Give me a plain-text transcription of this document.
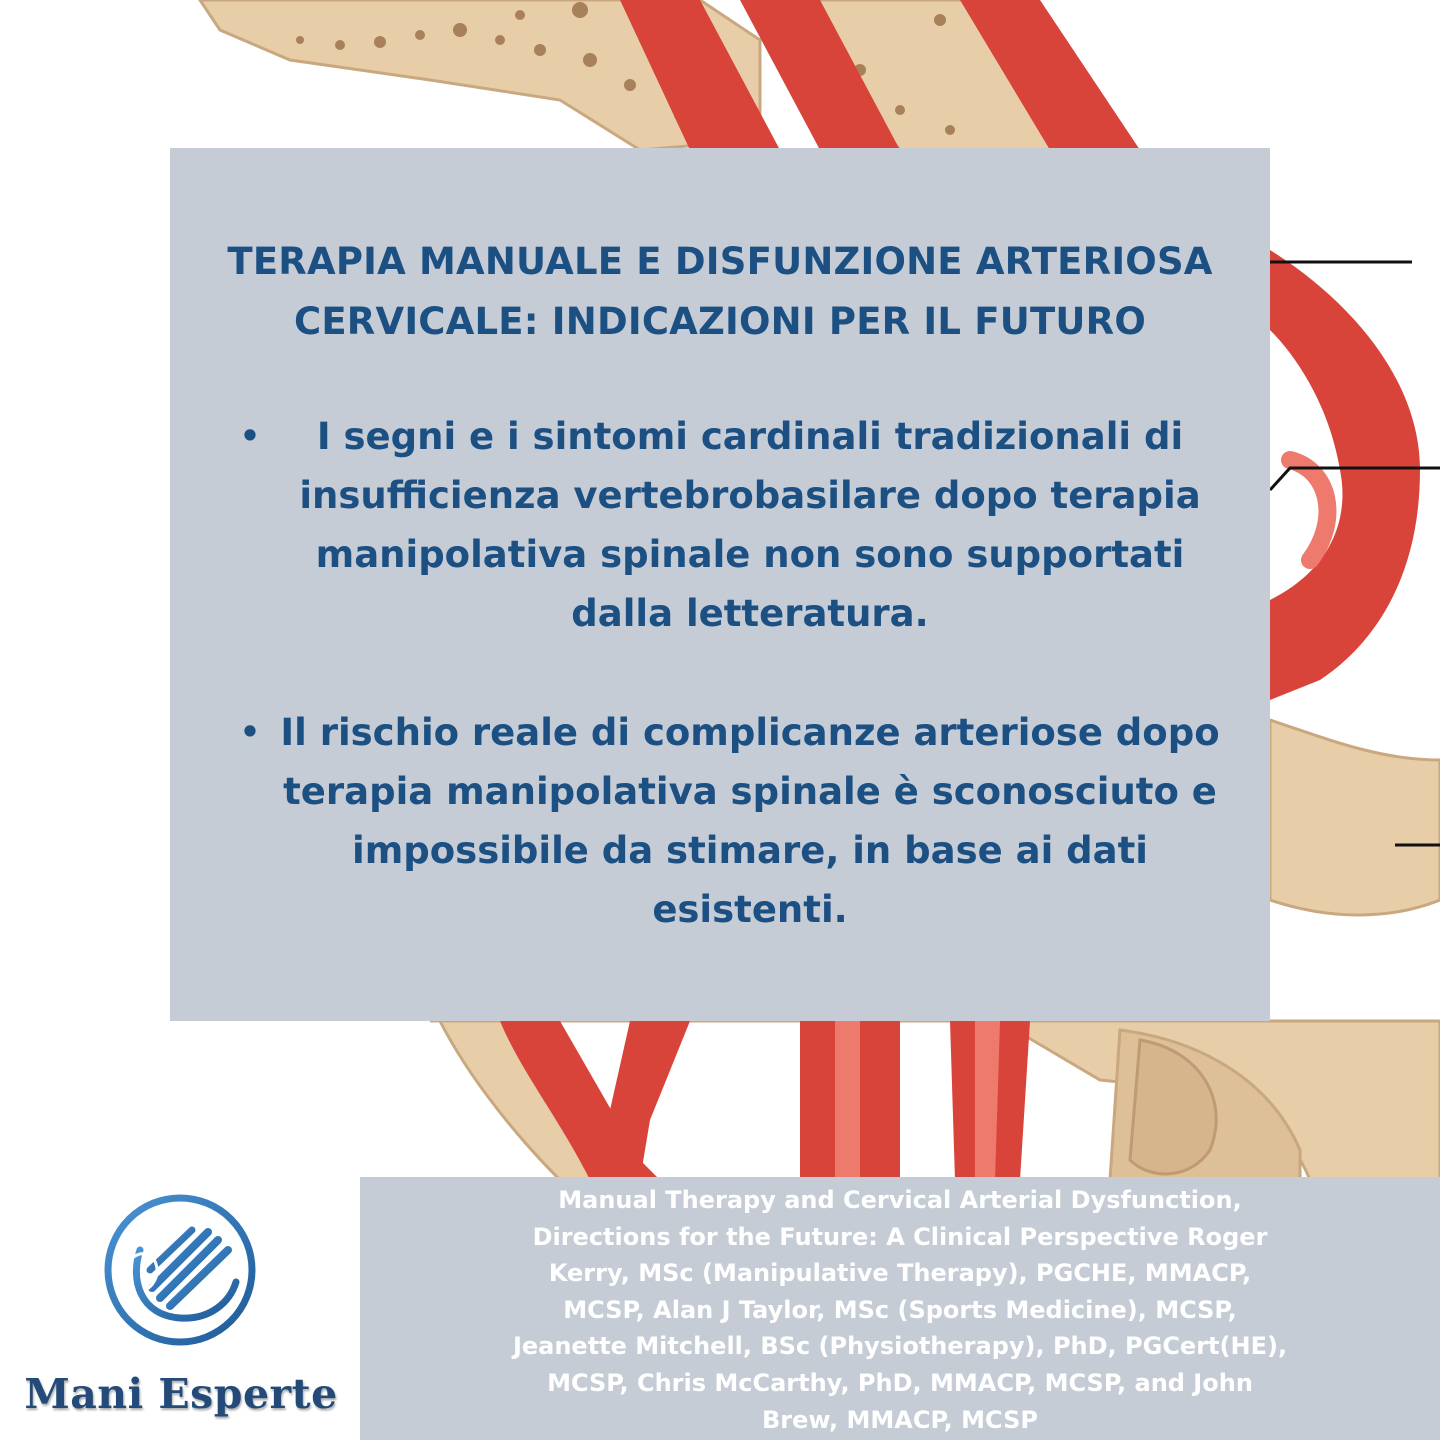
TERAPIA MANUALE E DISFUNZIONE ARTERIOSA
CERVICALE: INDICAZIONI PER IL FUTURO
•	I segni e i sintomi cardinali tradizionali di insufficienza vertebrobasilare dopo terapia manipolativa spinale non sono supportati dalla letteratura.
• Il rischio reale di complicanze arteriose dopo terapia manipolativa spinale è sconosciuto e impossibile da stimare, in base ai dati esistenti.
Manual Therapy and Cervical Arterial Dysfunction, Directions for the Future: A Clinical Perspective Roger Kerry, MSc (Manipulative Therapy), PGCHE, MMACP, MCSP, Alan J Taylor, MSc (Sports Medicine), MCSP, Jeanette Mitchell, BSc (Physiotherapy), PhD, PGCert(HE), MCSP, Chris McCarthy, PhD, MMACP, MCSP, and John Brew, MMACP, MCSP
Mani Esperte
